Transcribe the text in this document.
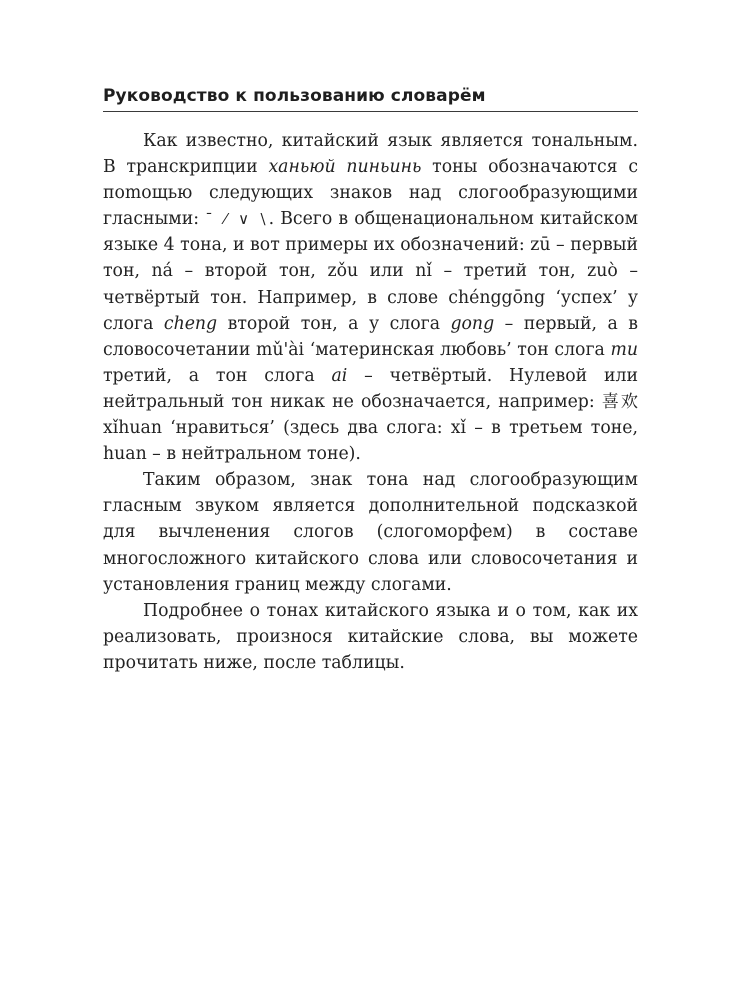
Руководство к пользованию словарём

Как известно, китайский язык является тональным. В транскрипции ханьюй пиньинь тоны обозначаются с поmощью следующих знаков над слогообразующими гласными: ¯ ⁄ ∨ \. Всего в общенациональном китайском языке 4 тона, и вот примеры их обозначений: zū – первый тон, ná – второй тон, zǒu или nǐ – третий тон, zuò – четвёртый тон. Например, в слове chénggōng ‘успех’ у слога cheng второй тон, а у слога gong – первый, а в словосочетании mǔ'ài ‘материнская любовь’ тон слога mu третий, а тон слога ai – четвёртый. Нулевой или нейтральный тон никак не обозначается, например: 喜欢xǐhuan ‘нравиться’ (здесь два слога: xǐ – в третьем тоне, huan – в нейтральном тоне).

Таким образом, знак тона над слогообразующим гласным звуком является дополнительной подсказкой для вычленения слогов (слогоморфем) в составе многосложного китайского слова или словосочетания и установления границ между слогами.

Подробнее о тонах китайского языка и о том, как их реализовать, произнося китайские слова, вы можете прочитать ниже, после таблицы.
